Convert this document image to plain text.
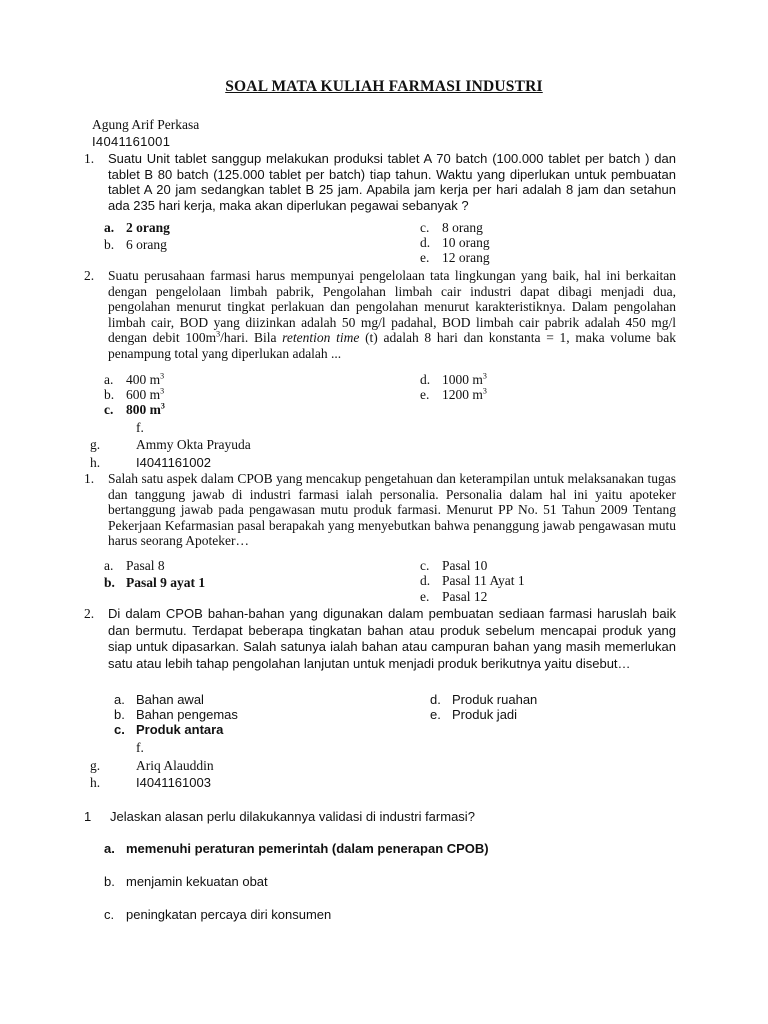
SOAL MATA KULIAH FARMASI INDUSTRI
Agung Arif Perkasa
I4041161001
1. Suatu Unit tablet sanggup melakukan produksi tablet A 70 batch (100.000 tablet per batch ) dan tablet B 80 batch (125.000 tablet per batch) tiap tahun. Waktu yang diperlukan untuk pembuatan tablet A 20 jam sedangkan tablet B 25 jam. Apabila jam kerja per hari adalah 8 jam dan setahun ada 235 hari kerja, maka akan diperlukan pegawai sebanyak ?
a. 2 orang
b. 6 orang
c. 8 orang
d. 10 orang
e. 12 orang
2. Suatu perusahaan farmasi harus mempunyai pengelolaan tata lingkungan yang baik, hal ini berkaitan dengan pengelolaan limbah pabrik, Pengolahan limbah cair industri dapat dibagi menjadi dua, pengolahan menurut tingkat perlakuan dan pengolahan menurut karakteristiknya. Dalam pengolahan limbah cair, BOD yang diizinkan adalah 50 mg/l padahal, BOD limbah cair pabrik adalah 450 mg/l dengan debit $100m^3$/hari. Bila retention time (t) adalah 8 hari dan konstanta = 1, maka volume bak penampung total yang diperlukan adalah ...
a. 400 $m^3$
b. 600 $m^3$
c. 800 $m^3$
d. 1000 $m^3$
e. 1200 $m^3$
f.
g.	Ammy Okta Prayuda
h.	I4041161002
1. Salah satu aspek dalam CPOB yang mencakup pengetahuan dan keterampilan untuk melaksanakan tugas dan tanggung jawab di industri farmasi ialah personalia. Personalia dalam hal ini yaitu apoteker bertanggung jawab pada pengawasan mutu produk farmasi. Menurut PP No. 51 Tahun 2009 Tentang Pekerjaan Kefarmasian pasal berapakah yang menyebutkan bahwa penanggung jawab pengawasan mutu harus seorang Apoteker…
a. Pasal 8
b. Pasal 9 ayat 1
c. Pasal 10
d. Pasal 11 Ayat 1
e. Pasal 12
2. Di dalam CPOB bahan-bahan yang digunakan dalam pembuatan sediaan farmasi haruslah baik dan bermutu. Terdapat beberapa tingkatan bahan atau produk sebelum mencapai produk yang siap untuk dipasarkan. Salah satunya ialah bahan atau campuran bahan yang masih memerlukan satu atau lebih tahap pengolahan lanjutan untuk menjadi produk berikutnya yaitu disebut…
a. Bahan awal
b. Bahan pengemas
c. Produk antara
d. Produk ruahan
e. Produk jadi
f.
g.	Ariq Alauddin
h.	I4041161003
1 Jelaskan alasan perlu dilakukannya validasi di industri farmasi?
a. memenuhi peraturan pemerintah (dalam penerapan CPOB)
b. menjamin kekuatan obat
c. peningkatan percaya diri konsumen
